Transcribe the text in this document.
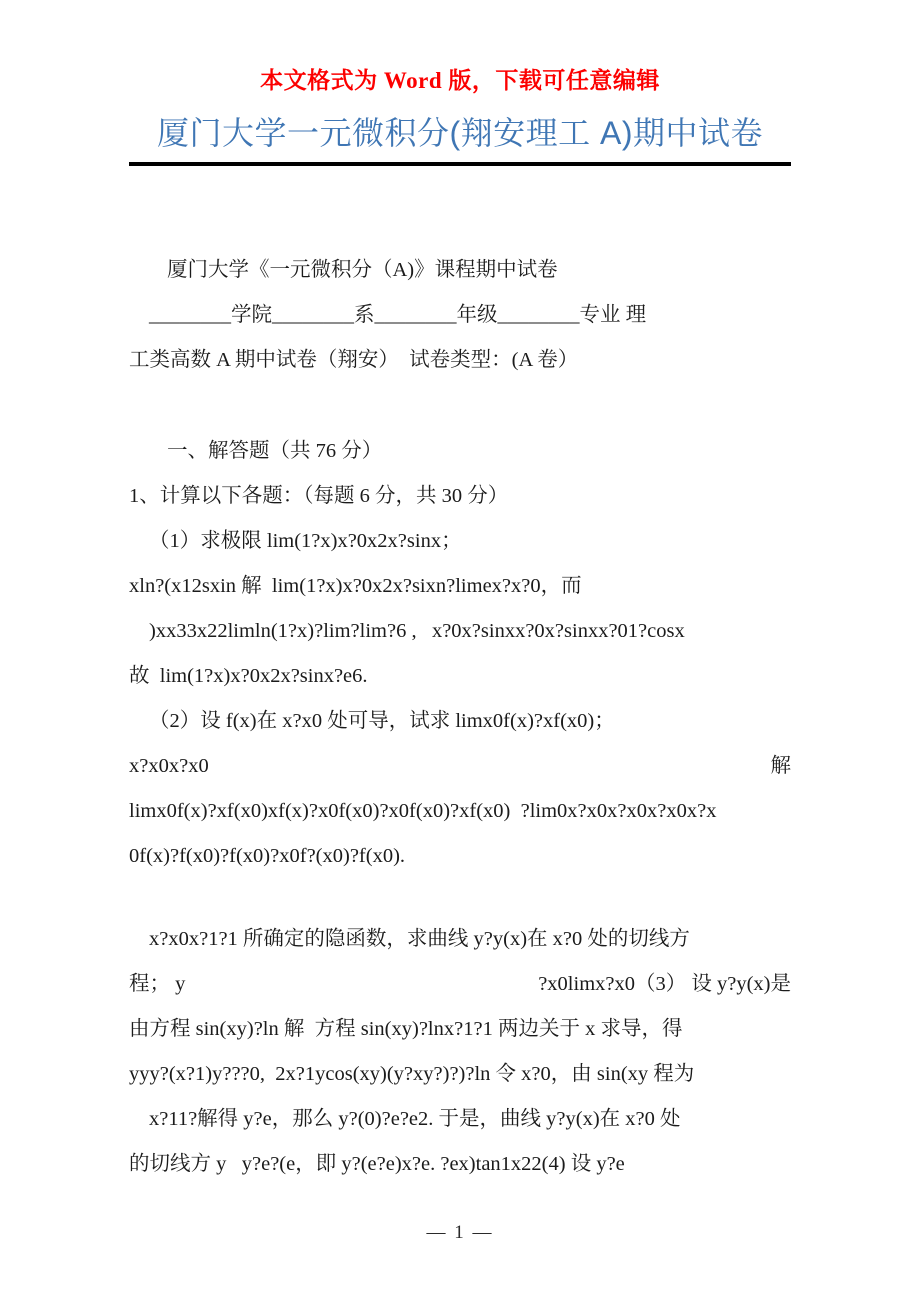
本文格式为 Word 版，下载可任意编辑
厦门大学一元微积分(翔安理工 A)期中试卷

厦门大学《一元微积分（A)》课程期中试卷

________学院________系________年级________专业 理

工类高数 A 期中试卷（翔安）  试卷类型：(A 卷）

一、解答题（共 76 分）

1、计算以下各题：（每题 6 分，共 30 分）

（1）求极限 lim(1?x)x?0x2x?sinx；

xln?(x12sxin 解  lim(1?x)x?0x2x?sixn?limex?x?0，而

)xx33x22limln(1?x)?lim?lim?6 ,   x?0x?sinxx?0x?sinxx?01?cosx

故  lim(1?x)x?0x2x?sinx?e6.

（2）设 f(x)在 x?x0 处可导，试求 limx0f(x)?xf(x0)；

x?x0x?x0	解

limx0f(x)?xf(x0)xf(x)?x0f(x0)?x0f(x0)?xf(x0)  ?lim0x?x0x?x0x?x0x?x

0f(x)?f(x0)?f(x0)?x0f?(x0)?f(x0).

x?x0x?1?1 所确定的隐函数，求曲线 y?y(x)在 x?0 处的切线方

程； y	?x0limx?x0（3） 设 y?y(x)是

由方程 sin(xy)?ln 解  方程 sin(xy)?lnx?1?1 两边关于 x 求导，得

yyy?(x?1)y???0,  2x?1ycos(xy)(y?xy?)?)?ln 令 x?0，由 sin(xy 程为

x?11?解得 y?e，那么 y?(0)?e?e2. 于是，曲线 y?y(x)在 x?0 处

的切线方 y   y?e?(e，即 y?(e?e)x?e. ?ex)tan1x22(4) 设 y?e

— 1 —
